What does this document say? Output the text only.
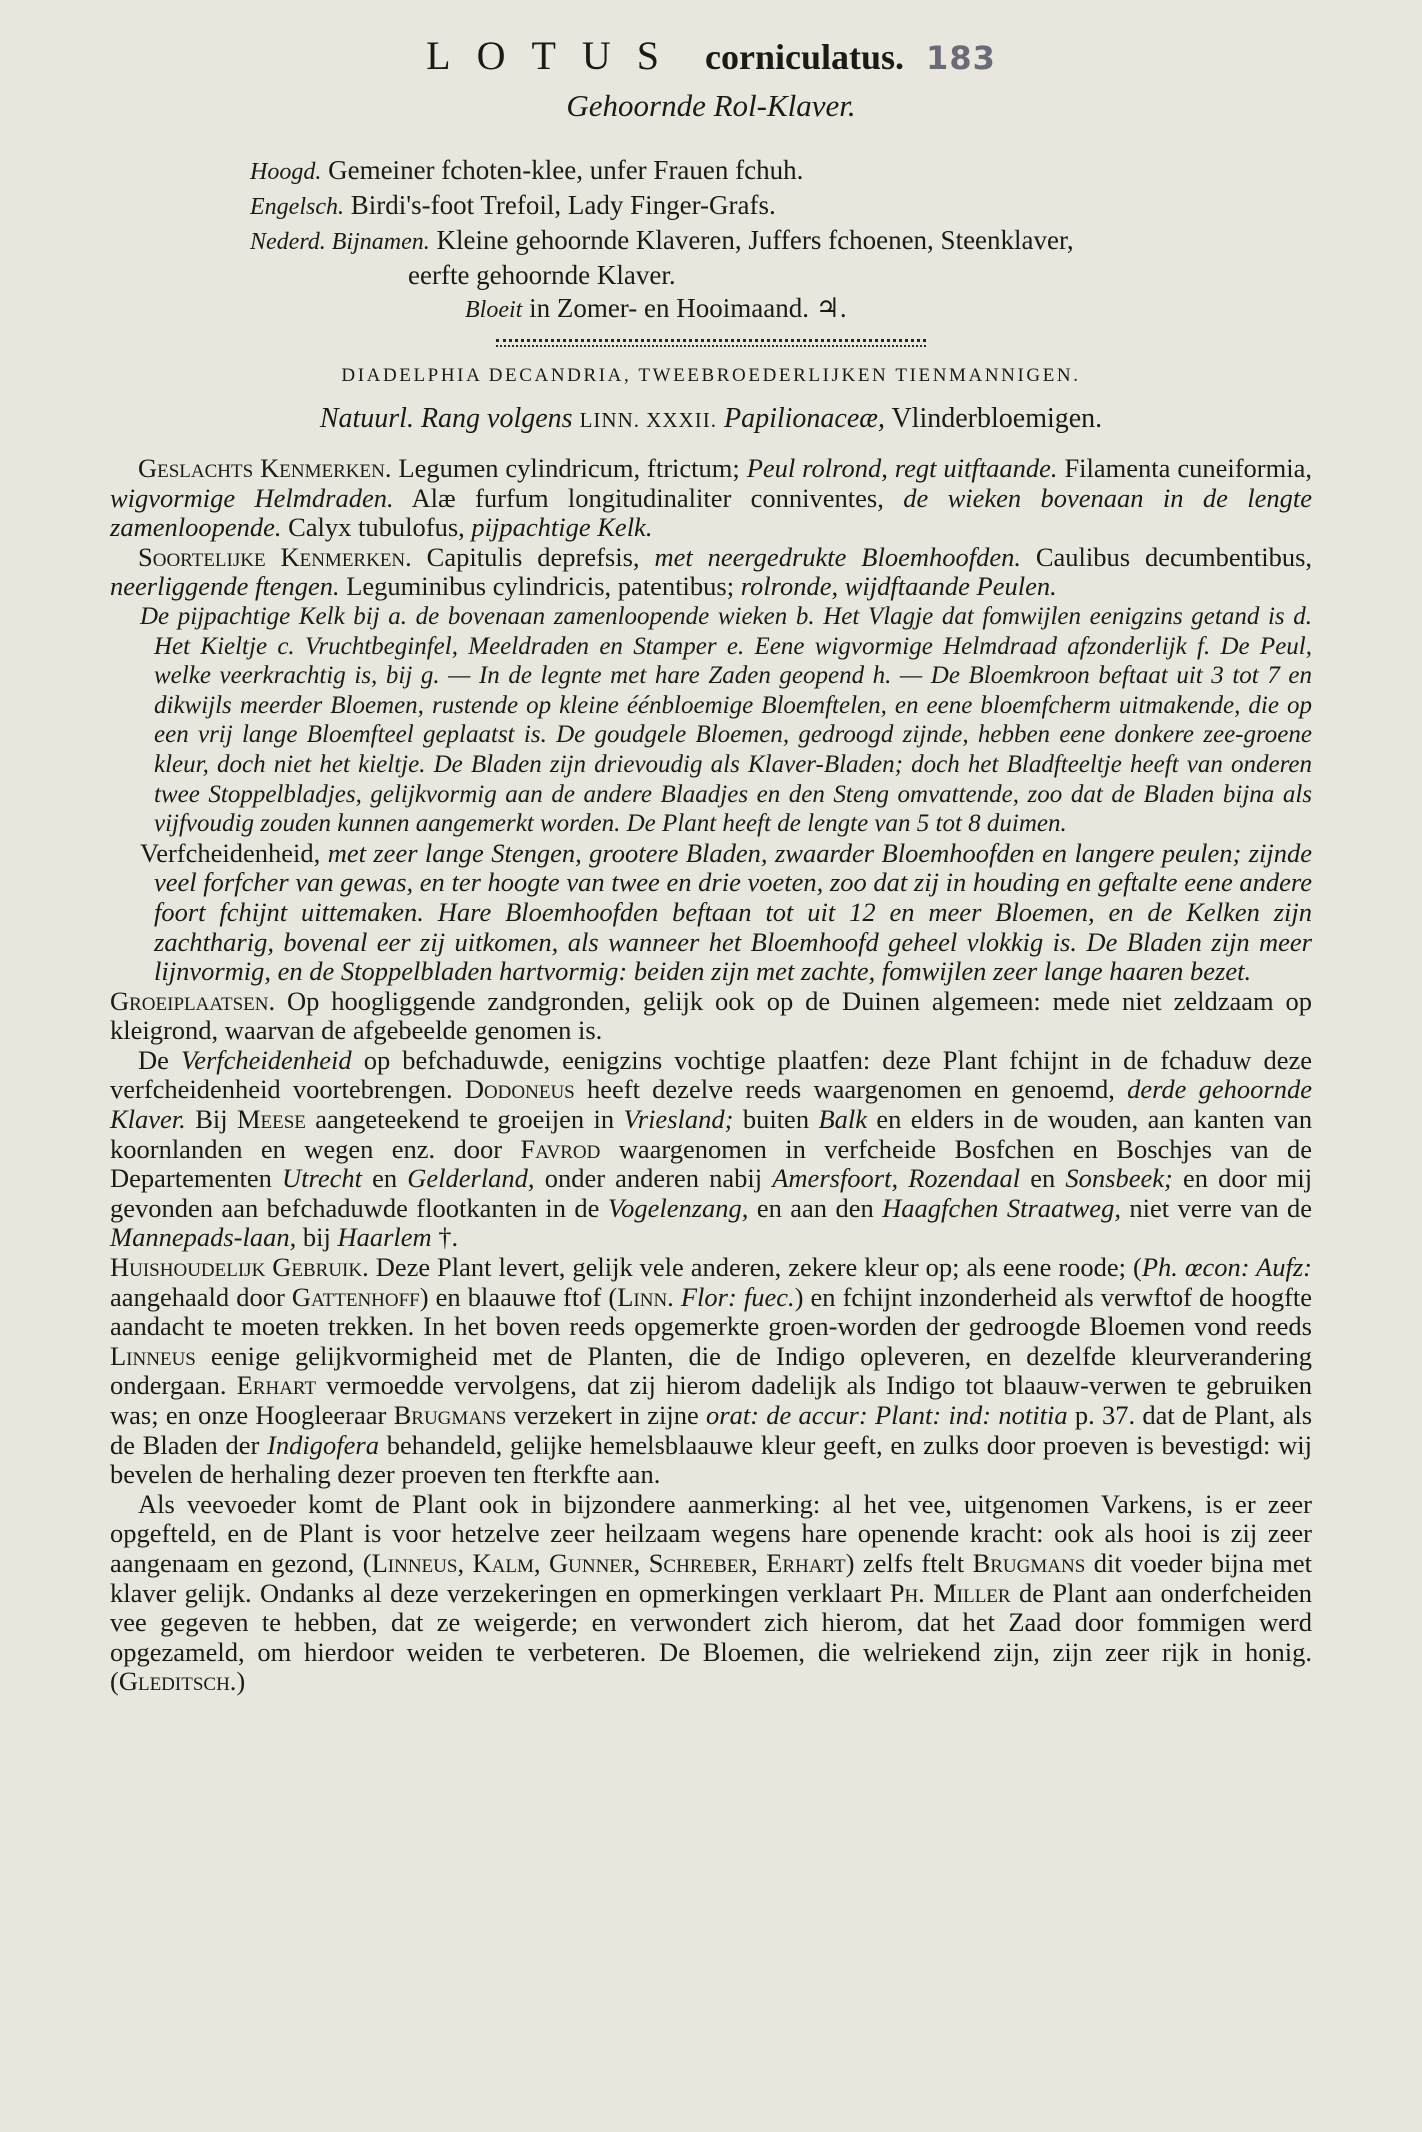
LOTUS corniculatus. 183
Gehoornde Rol-Klaver.

Hoogd. Gemeiner fchoten-klee, unfer Frauen fchuh.

Engelsch. Birdi's-foot Trefoil, Lady Finger-Grafs.

Nederd. Bijnamen. Kleine gehoornde Klaveren, Juffers fchoenen, Steenklaver,

eerfte gehoornde Klaver.

Bloeit in Zomer- en Hooimaand. ♃.

DIADELPHIA DECANDRIA, TWEEBROEDERLIJKEN TIENMANNIGEN.
Natuurl. Rang volgens LINN. XXXII. Papilionaceæ, Vlinderbloemigen.

Geslachts Kenmerken. Legumen cylindricum, ftrictum; Peul rolrond, regt uitftaande. Filamenta cuneiformia, wigvormige Helmdraden. Alæ furfum longitudinaliter conniventes, de wieken bovenaan in de lengte zamenloopende. Calyx tubulofus, pijpachtige Kelk.

Soortelijke Kenmerken. Capitulis deprefsis, met neergedrukte Bloemhoofden. Caulibus decumbentibus, neerliggende ftengen. Leguminibus cylindricis, patentibus; rolronde, wijdftaande Peulen.

De pijpachtige Kelk bij a. de bovenaan zamenloopende wieken b. Het Vlagje dat fomwijlen eenigzins getand is d. Het Kieltje c. Vruchtbeginfel, Meeldraden en Stamper e. Eene wigvormige Helmdraad afzonderlijk f. De Peul, welke veerkrachtig is, bij g. — In de legnte met hare Zaden geopend h. — De Bloemkroon beftaat uit 3 tot 7 en dikwijls meerder Bloemen, rustende op kleine éénbloemige Bloemftelen, en eene bloemfcherm uitmakende, die op een vrij lange Bloemfteel geplaatst is. De goudgele Bloemen, gedroogd zijnde, hebben eene donkere zee-groene kleur, doch niet het kieltje. De Bladen zijn drievoudig als Klaver-Bladen; doch het Bladfteeltje heeft van onderen twee Stoppelbladjes, gelijkvormig aan de andere Blaadjes en den Steng omvattende, zoo dat de Bladen bijna als vijfvoudig zouden kunnen aangemerkt worden. De Plant heeft de lengte van 5 tot 8 duimen.

Verfcheidenheid, met zeer lange Stengen, grootere Bladen, zwaarder Bloemhoofden en langere peulen; zijnde veel forfcher van gewas, en ter hoogte van twee en drie voeten, zoo dat zij in houding en geftalte eene andere foort fchijnt uittemaken. Hare Bloemhoofden beftaan tot uit 12 en meer Bloemen, en de Kelken zijn zachtharig, bovenal eer zij uitkomen, als wanneer het Bloemhoofd geheel vlokkig is. De Bladen zijn meer lijnvormig, en de Stoppelbladen hartvormig: beiden zijn met zachte, fomwijlen zeer lange haaren bezet.

Groeiplaatsen. Op hoogliggende zandgronden, gelijk ook op de Duinen algemeen: mede niet zeldzaam op kleigrond, waarvan de afgebeelde genomen is.

De Verfcheidenheid op befchaduwde, eenigzins vochtige plaatfen: deze Plant fchijnt in de fchaduw deze verfcheidenheid voortebrengen. Dodoneus heeft dezelve reeds waargenomen en genoemd, derde gehoornde Klaver. Bij Meese aangeteekend te groeijen in Vriesland; buiten Balk en elders in de wouden, aan kanten van koornlanden en wegen enz. door Favrod waargenomen in verfcheide Bosfchen en Boschjes van de Departementen Utrecht en Gelderland, onder anderen nabij Amersfoort, Rozendaal en Sonsbeek; en door mij gevonden aan befchaduwde flootkanten in de Vogelenzang, en aan den Haagfchen Straatweg, niet verre van de Mannepads-laan, bij Haarlem †.

Huishoudelijk Gebruik. Deze Plant levert, gelijk vele anderen, zekere kleur op; als eene roode; (Ph. œcon: Aufz: aangehaald door Gattenhoff) en blaauwe ftof (Linn. Flor: fuec.) en fchijnt inzonderheid als verwftof de hoogfte aandacht te moeten trekken. In het boven reeds opgemerkte groen-worden der gedroogde Bloemen vond reeds Linneus eenige gelijkvormigheid met de Planten, die de Indigo opleveren, en dezelfde kleurverandering ondergaan. Erhart vermoedde vervolgens, dat zij hierom dadelijk als Indigo tot blaauw-verwen te gebruiken was; en onze Hoogleeraar Brugmans verzekert in zijne orat: de accur: Plant: ind: notitia p. 37. dat de Plant, als de Bladen der Indigofera behandeld, gelijke hemelsblaauwe kleur geeft, en zulks door proeven is bevestigd: wij bevelen de herhaling dezer proeven ten fterkfte aan.

Als veevoeder komt de Plant ook in bijzondere aanmerking: al het vee, uitgenomen Varkens, is er zeer opgefteld, en de Plant is voor hetzelve zeer heilzaam wegens hare openende kracht: ook als hooi is zij zeer aangenaam en gezond, (Linneus, Kalm, Gunner, Schreber, Erhart) zelfs ftelt Brugmans dit voeder bijna met klaver gelijk. Ondanks al deze verzekeringen en opmerkingen verklaart Ph. Miller de Plant aan onderfcheiden vee gegeven te hebben, dat ze weigerde; en verwondert zich hierom, dat het Zaad door fommigen werd opgezameld, om hierdoor weiden te verbeteren. De Bloemen, die welriekend zijn, zijn zeer rijk in honig. (Gleditsch.)
